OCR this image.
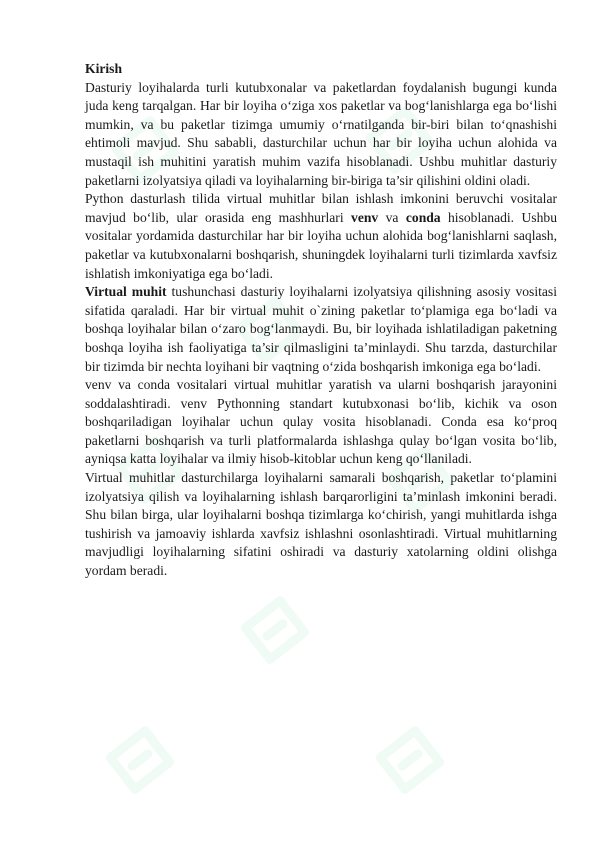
Kirish

Dasturiy loyihalarda turli kutubxonalar va paketlardan foydalanish bugungi kunda juda keng tarqalgan. Har bir loyiha o‘ziga xos paketlar va bog‘lanishlarga ega bo‘lishi mumkin, va bu paketlar tizimga umumiy o‘rnatilganda bir-biri bilan to‘qnashishi ehtimoli mavjud. Shu sababli, dasturchilar uchun har bir loyiha uchun alohida va mustaqil ish muhitini yaratish muhim vazifa hisoblanadi. Ushbu muhitlar dasturiy paketlarni izolyatsiya qiladi va loyihalarning bir-biriga ta’sir qilishini oldini oladi.

Python dasturlash tilida virtual muhitlar bilan ishlash imkonini beruvchi vositalar mavjud bo‘lib, ular orasida eng mashhurlari venv va conda hisoblanadi. Ushbu vositalar yordamida dasturchilar har bir loyiha uchun alohida bog‘lanishlarni saqlash, paketlar va kutubxonalarni boshqarish, shuningdek loyihalarni turli tizimlarda xavfsiz ishlatish imkoniyatiga ega bo‘ladi.

Virtual muhit tushunchasi dasturiy loyihalarni izolyatsiya qilishning asosiy vositasi sifatida qaraladi. Har bir virtual muhit o`zining paketlar to‘plamiga ega bo‘ladi va boshqa loyihalar bilan o‘zaro bog‘lanmaydi. Bu, bir loyihada ishlatiladigan paketning boshqa loyiha ish faoliyatiga ta’sir qilmasligini ta’minlaydi. Shu tarzda, dasturchilar bir tizimda bir nechta loyihani bir vaqtning o‘zida boshqarish imkoniga ega bo‘ladi.

venv va conda vositalari virtual muhitlar yaratish va ularni boshqarish jarayonini soddalashtiradi. venv Pythonning standart kutubxonasi bo‘lib, kichik va oson boshqariladigan loyihalar uchun qulay vosita hisoblanadi. Conda esa ko‘proq paketlarni boshqarish va turli platformalarda ishlashga qulay bo‘lgan vosita bo‘lib, ayniqsa katta loyihalar va ilmiy hisob-kitoblar uchun keng qo‘llaniladi.

Virtual muhitlar dasturchilarga loyihalarni samarali boshqarish, paketlar to‘plamini izolyatsiya qilish va loyihalarning ishlash barqarorligini ta’minlash imkonini beradi. Shu bilan birga, ular loyihalarni boshqa tizimlarga ko‘chirish, yangi muhitlarda ishga tushirish va jamoaviy ishlarda xavfsiz ishlashni osonlashtiradi. Virtual muhitlarning mavjudligi loyihalarning sifatini oshiradi va dasturiy xatolarning oldini olishga yordam beradi.
